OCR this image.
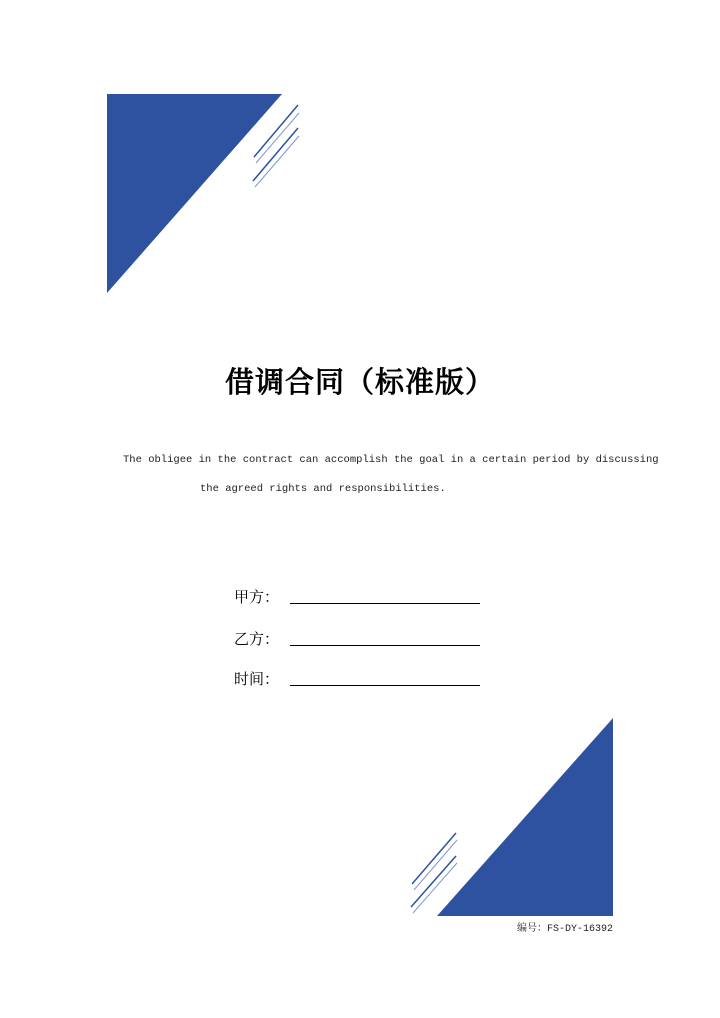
借调合同（标准版）
The obligee in the contract can accomplish the goal in a certain period by discussing
the agreed rights and responsibilities.
甲方：
乙方：
时间：
编号：FS-DY-16392
